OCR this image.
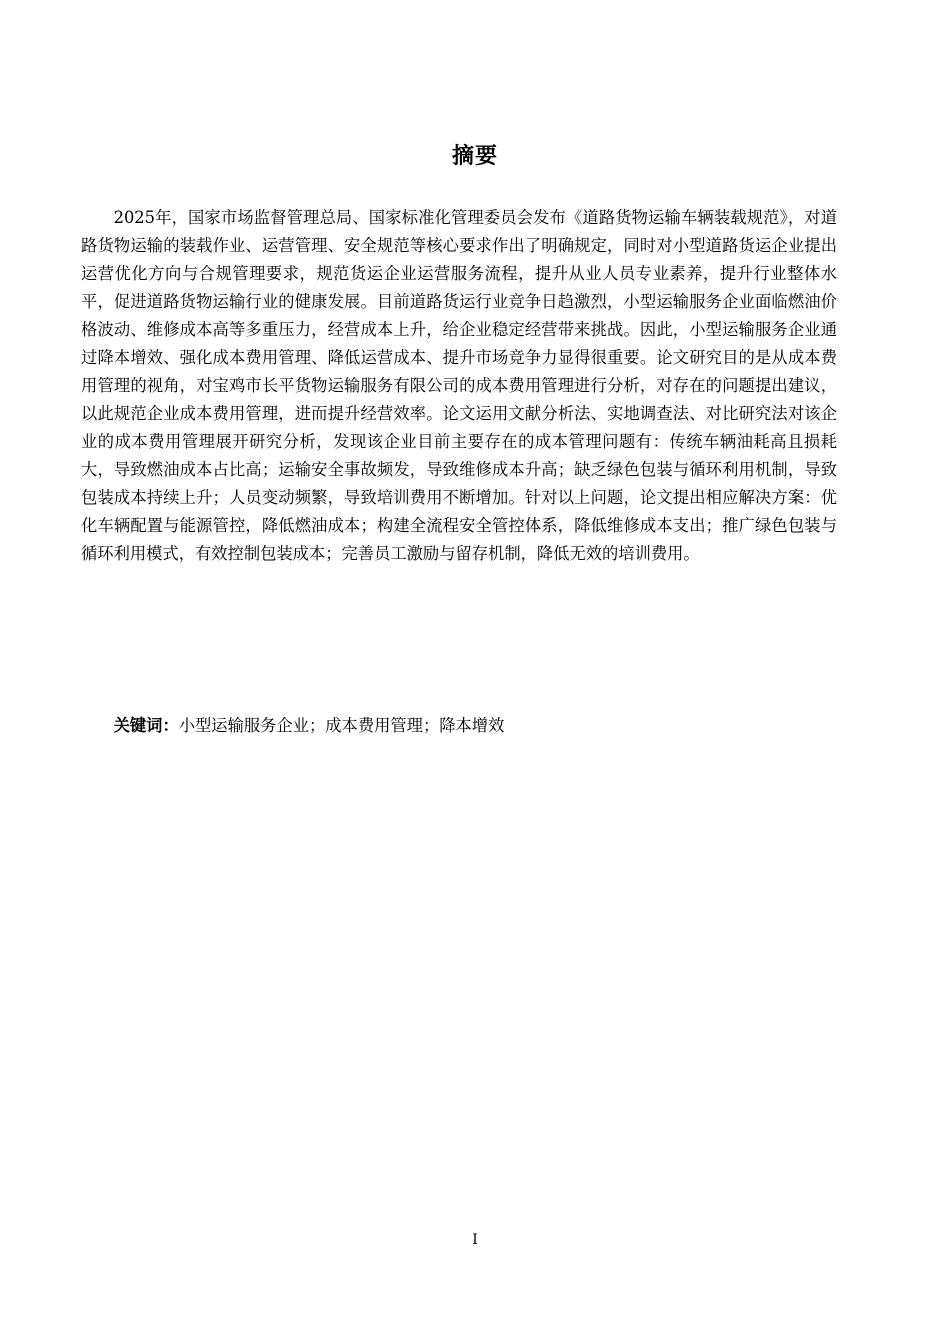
摘要

2025年，国家市场监督管理总局、国家标准化管理委员会发布《道路货物运输车辆装载规范》，对道路货物运输的装载作业、运营管理、安全规范等核心要求作出了明确规定，同时对小型道路货运企业提出运营优化方向与合规管理要求，规范货运企业运营服务流程，提升从业人员专业素养，提升行业整体水平，促进道路货物运输行业的健康发展。目前道路货运行业竞争日趋激烈，小型运输服务企业面临燃油价格波动、维修成本高等多重压力，经营成本上升，给企业稳定经营带来挑战。因此，小型运输服务企业通过降本增效、强化成本费用管理、降低运营成本、提升市场竞争力显得很重要。论文研究目的是从成本费用管理的视角，对宝鸡市长平货物运输服务有限公司的成本费用管理进行分析，对存在的问题提出建议，以此规范企业成本费用管理，进而提升经营效率。论文运用文献分析法、实地调查法、对比研究法对该企业的成本费用管理展开研究分析，发现该企业目前主要存在的成本管理问题有：传统车辆油耗高且损耗大，导致燃油成本占比高；运输安全事故频发，导致维修成本升高；缺乏绿色包装与循环利用机制，导致包装成本持续上升；人员变动频繁，导致培训费用不断增加。针对以上问题，论文提出相应解决方案：优化车辆配置与能源管控，降低燃油成本；构建全流程安全管控体系，降低维修成本支出；推广绿色包装与循环利用模式，有效控制包装成本；完善员工激励与留存机制，降低无效的培训费用。

关键词：小型运输服务企业；成本费用管理；降本增效

I
